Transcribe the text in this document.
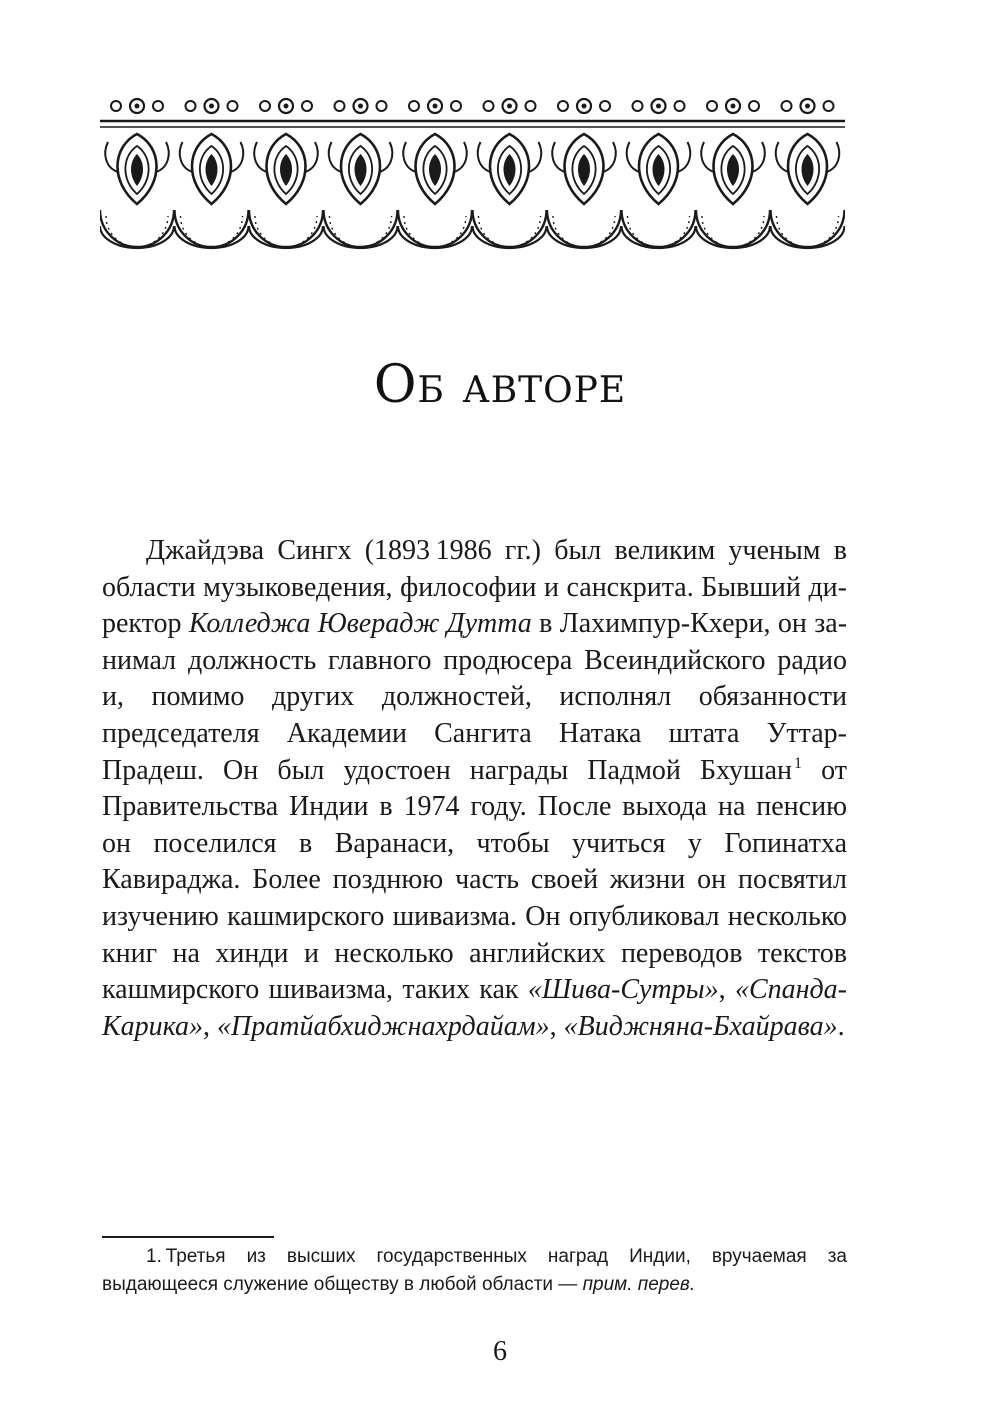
Об авторе

Джайдэва Сингх (1893 1986 гг.) был великим ученым в области музыковедения, философии и санскрита. Бывший директор Колледжа Юверадж Дутта в Лахимпур-Кхери, он занимал должность главного продюсера Всеиндийского радио и, помимо других должностей, исполнял обязанности председателя Академии Сангита Натака штата Уттар-Прадеш. Он был удостоен награды Падмой Бхушан $^1$ от Правительства Индии в 1974 году. После выхода на пенсию он поселился в Варанаси, чтобы учиться у Гопинатха Кавираджа. Более позднюю часть своей жизни он посвятил изучению кашмирского шиваизма. Он опубликовал несколько книг на хинди и несколько английских переводов текстов кашмирского шиваизма, таких как «Шива-Сутры», «Спанда-Карика», «Пратйабхиджнахрдайам», «Виджняна-Бхайрава».

1. Третья из высших государственных наград Индии, вручаемая за выдающееся служение обществу в любой области — прим. перев.

6
